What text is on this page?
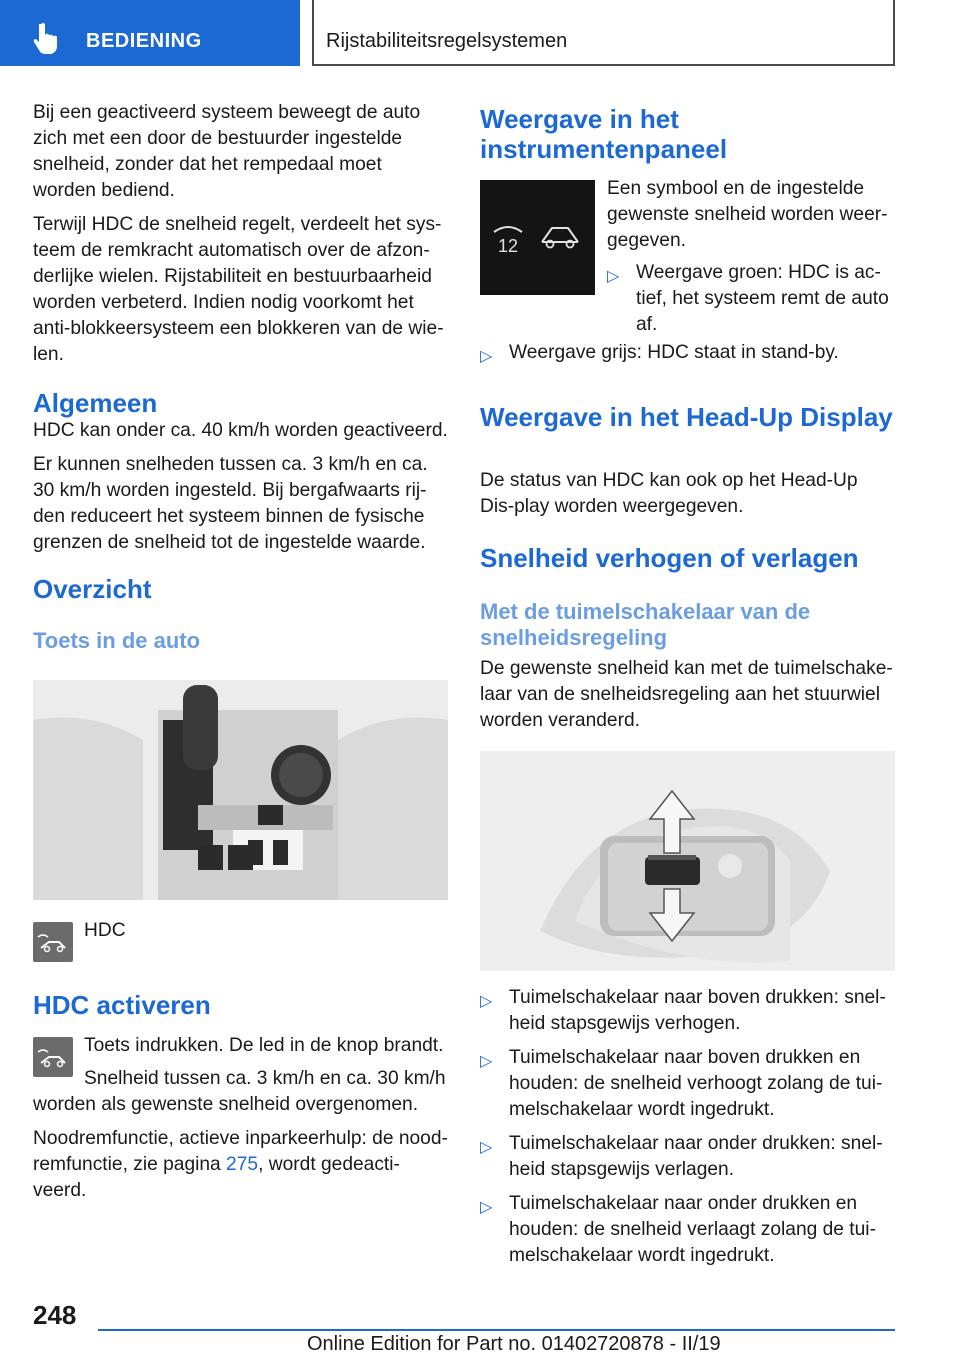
BEDIENING	Rijstabiliteitsregelsystemen

Bij een geactiveerd systeem beweegt de auto zich met een door de bestuurder ingestelde snelheid, zonder dat het rempedaal moet worden bediend.

Terwijl HDC de snelheid regelt, verdeelt het sys-teem de remkracht automatisch over de afzon-derlijke wielen. Rijstabiliteit en bestuurbaarheid worden verbeterd. Indien nodig voorkomt het anti-blokkeersysteem een blokkeren van de wie-len.

Algemeen

HDC kan onder ca. 40 km/h worden geactiveerd.

Er kunnen snelheden tussen ca. 3 km/h en ca. 30 km/h worden ingesteld. Bij bergafwaarts rij-den reduceert het systeem binnen de fysische grenzen de snelheid tot de ingestelde waarde.

Overzicht
Toets in de auto
HDC
HDC activeren
Toets indrukken. De led in de knop brandt.
Snelheid tussen ca. 3 km/h en ca. 30 km/h worden als gewenste snelheid overgenomen.
Noodremfunctie, actieve inparkeerhulp: de nood-remfunctie, zie pagina 275, wordt gedeacti-veerd.
Weergave in het instrumentenpaneel
12
Een symbool en de ingestelde gewenste snelheid worden weer-gegeven.
▷ Weergave groen: HDC is ac-tief, het systeem remt de auto af.
▷ Weergave grijs: HDC staat in stand-by.
Weergave in het Head-Up Display
De status van HDC kan ook op het Head-Up Dis-play worden weergegeven.
Snelheid verhogen of verlagen
Met de tuimelschakelaar van de snelheidsregeling
De gewenste snelheid kan met de tuimelschake-laar van de snelheidsregeling aan het stuurwiel worden veranderd.
▷ Tuimelschakelaar naar boven drukken: snel-heid stapsgewijs verhogen.
▷ Tuimelschakelaar naar boven drukken en houden: de snelheid verhoogt zolang de tui-melschakelaar wordt ingedrukt.
▷ Tuimelschakelaar naar onder drukken: snel-heid stapsgewijs verlagen.
▷ Tuimelschakelaar naar onder drukken en houden: de snelheid verlaagt zolang de tui-melschakelaar wordt ingedrukt.
248
Online Edition for Part no. 01402720878 - II/19
